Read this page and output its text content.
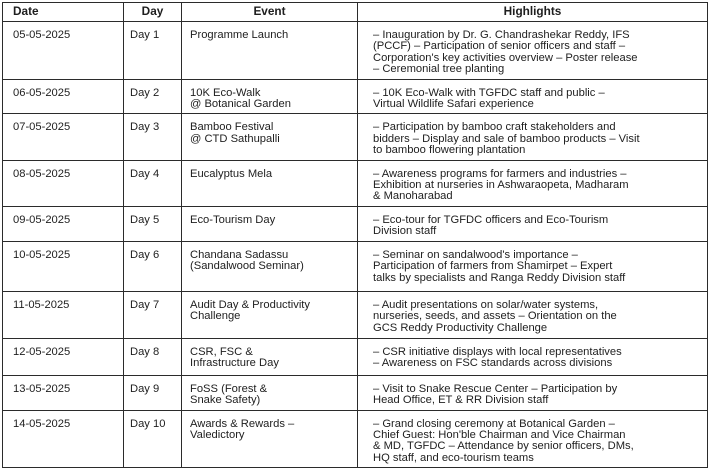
Date	Day	Event	Highlights
05-05-2025	Day 1	Programme Launch	– Inauguration by Dr. G. Chandrashekar Reddy, IFS
(PCCF) – Participation of senior officers and staff –
Corporation's key activities overview – Poster release
– Ceremonial tree planting

06-05-2025	Day 2	10K Eco-Walk
@ Botanical Garden	– 10K Eco-Walk with TGFDC staff and public –
Virtual Wildlife Safari experience

07-05-2025	Day 3	Bamboo Festival
@ CTD Sathupalli	– Participation by bamboo craft stakeholders and
bidders – Display and sale of bamboo products – Visit
to bamboo flowering plantation

08-05-2025	Day 4	Eucalyptus Mela	– Awareness programs for farmers and industries –
Exhibition at nurseries in Ashwaraopeta, Madharam
& Manoharabad

09-05-2025	Day 5	Eco-Tourism Day	– Eco-tour for TGFDC officers and Eco-Tourism
Division staff

10-05-2025	Day 6	Chandana Sadassu
(Sandalwood Seminar)	– Seminar on sandalwood's importance –
Participation of farmers from Shamirpet – Expert
talks by specialists and Ranga Reddy Division staff

11-05-2025	Day 7	Audit Day & Productivity
Challenge	– Audit presentations on solar/water systems,
nurseries, seeds, and assets – Orientation on the
GCS Reddy Productivity Challenge

12-05-2025	Day 8	CSR, FSC &
Infrastructure Day	– CSR initiative displays with local representatives
– Awareness on FSC standards across divisions

13-05-2025	Day 9	FoSS (Forest &
Snake Safety)	– Visit to Snake Rescue Center – Participation by
Head Office, ET & RR Division staff

14-05-2025	Day 10	Awards & Rewards –
Valedictory	– Grand closing ceremony at Botanical Garden –
Chief Guest: Hon'ble Chairman and Vice Chairman
& MD, TGFDC – Attendance by senior officers, DMs,
HQ staff, and eco-tourism teams
